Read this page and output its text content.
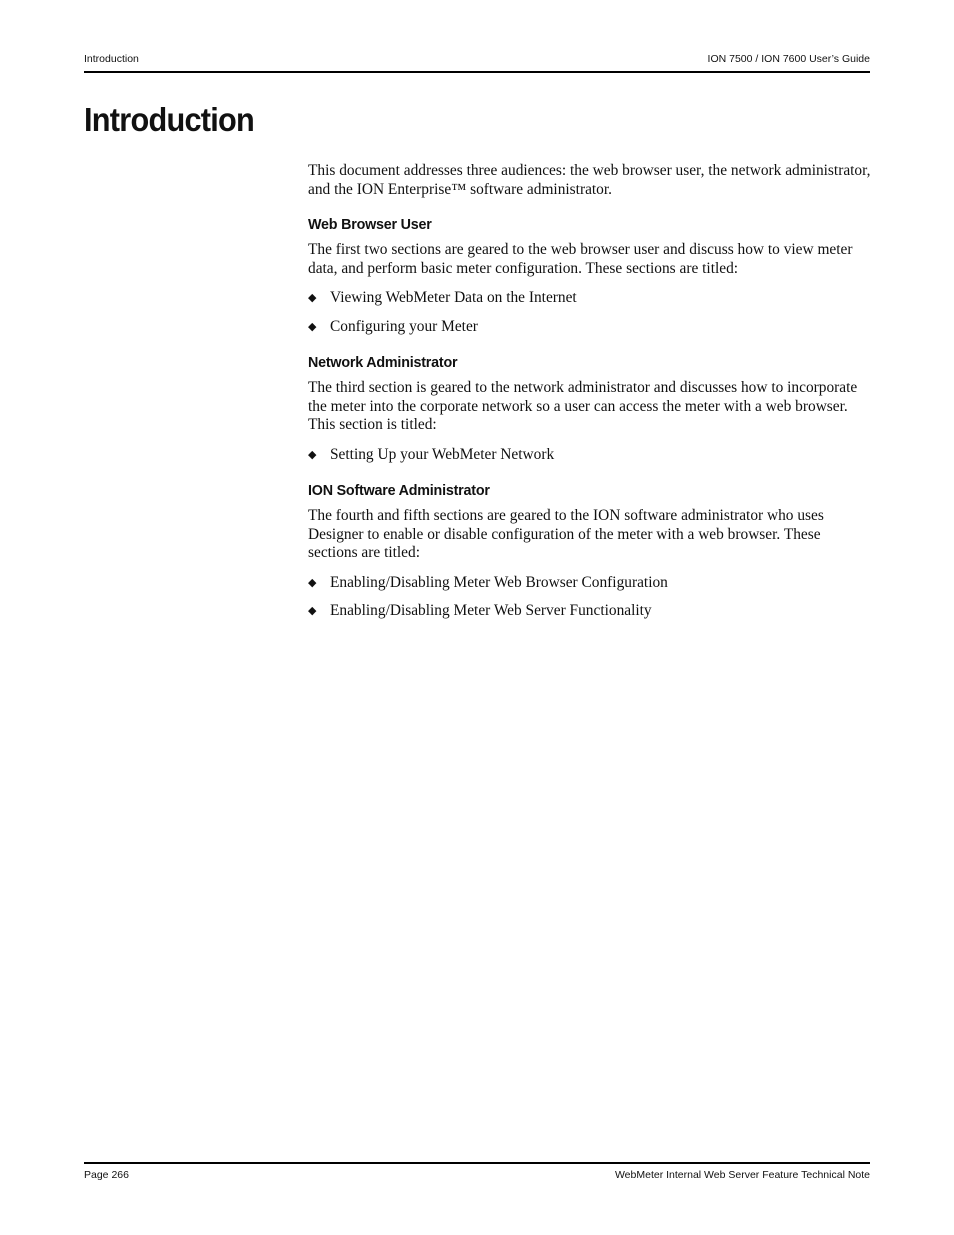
Introduction	ION 7500 / ION 7600 User’s Guide
Introduction

This document addresses three audiences: the web browser user, the network administrator, and the ION Enterprise™ software administrator.

Web Browser User

The first two sections are geared to the web browser user and discuss how to view meter data, and perform basic meter configuration. These sections are titled:

◆ Viewing WebMeter Data on the Internet
◆ Configuring your Meter
Network Administrator

The third section is geared to the network administrator and discusses how to incorporate the meter into the corporate network so a user can access the meter with a web browser. This section is titled:

◆ Setting Up your WebMeter Network
ION Software Administrator

The fourth and fifth sections are geared to the ION software administrator who uses Designer to enable or disable configuration of the meter with a web browser. These sections are titled:

◆ Enabling/Disabling Meter Web Browser Configuration
◆ Enabling/Disabling Meter Web Server Functionality
Page 266	WebMeter Internal Web Server Feature Technical Note
